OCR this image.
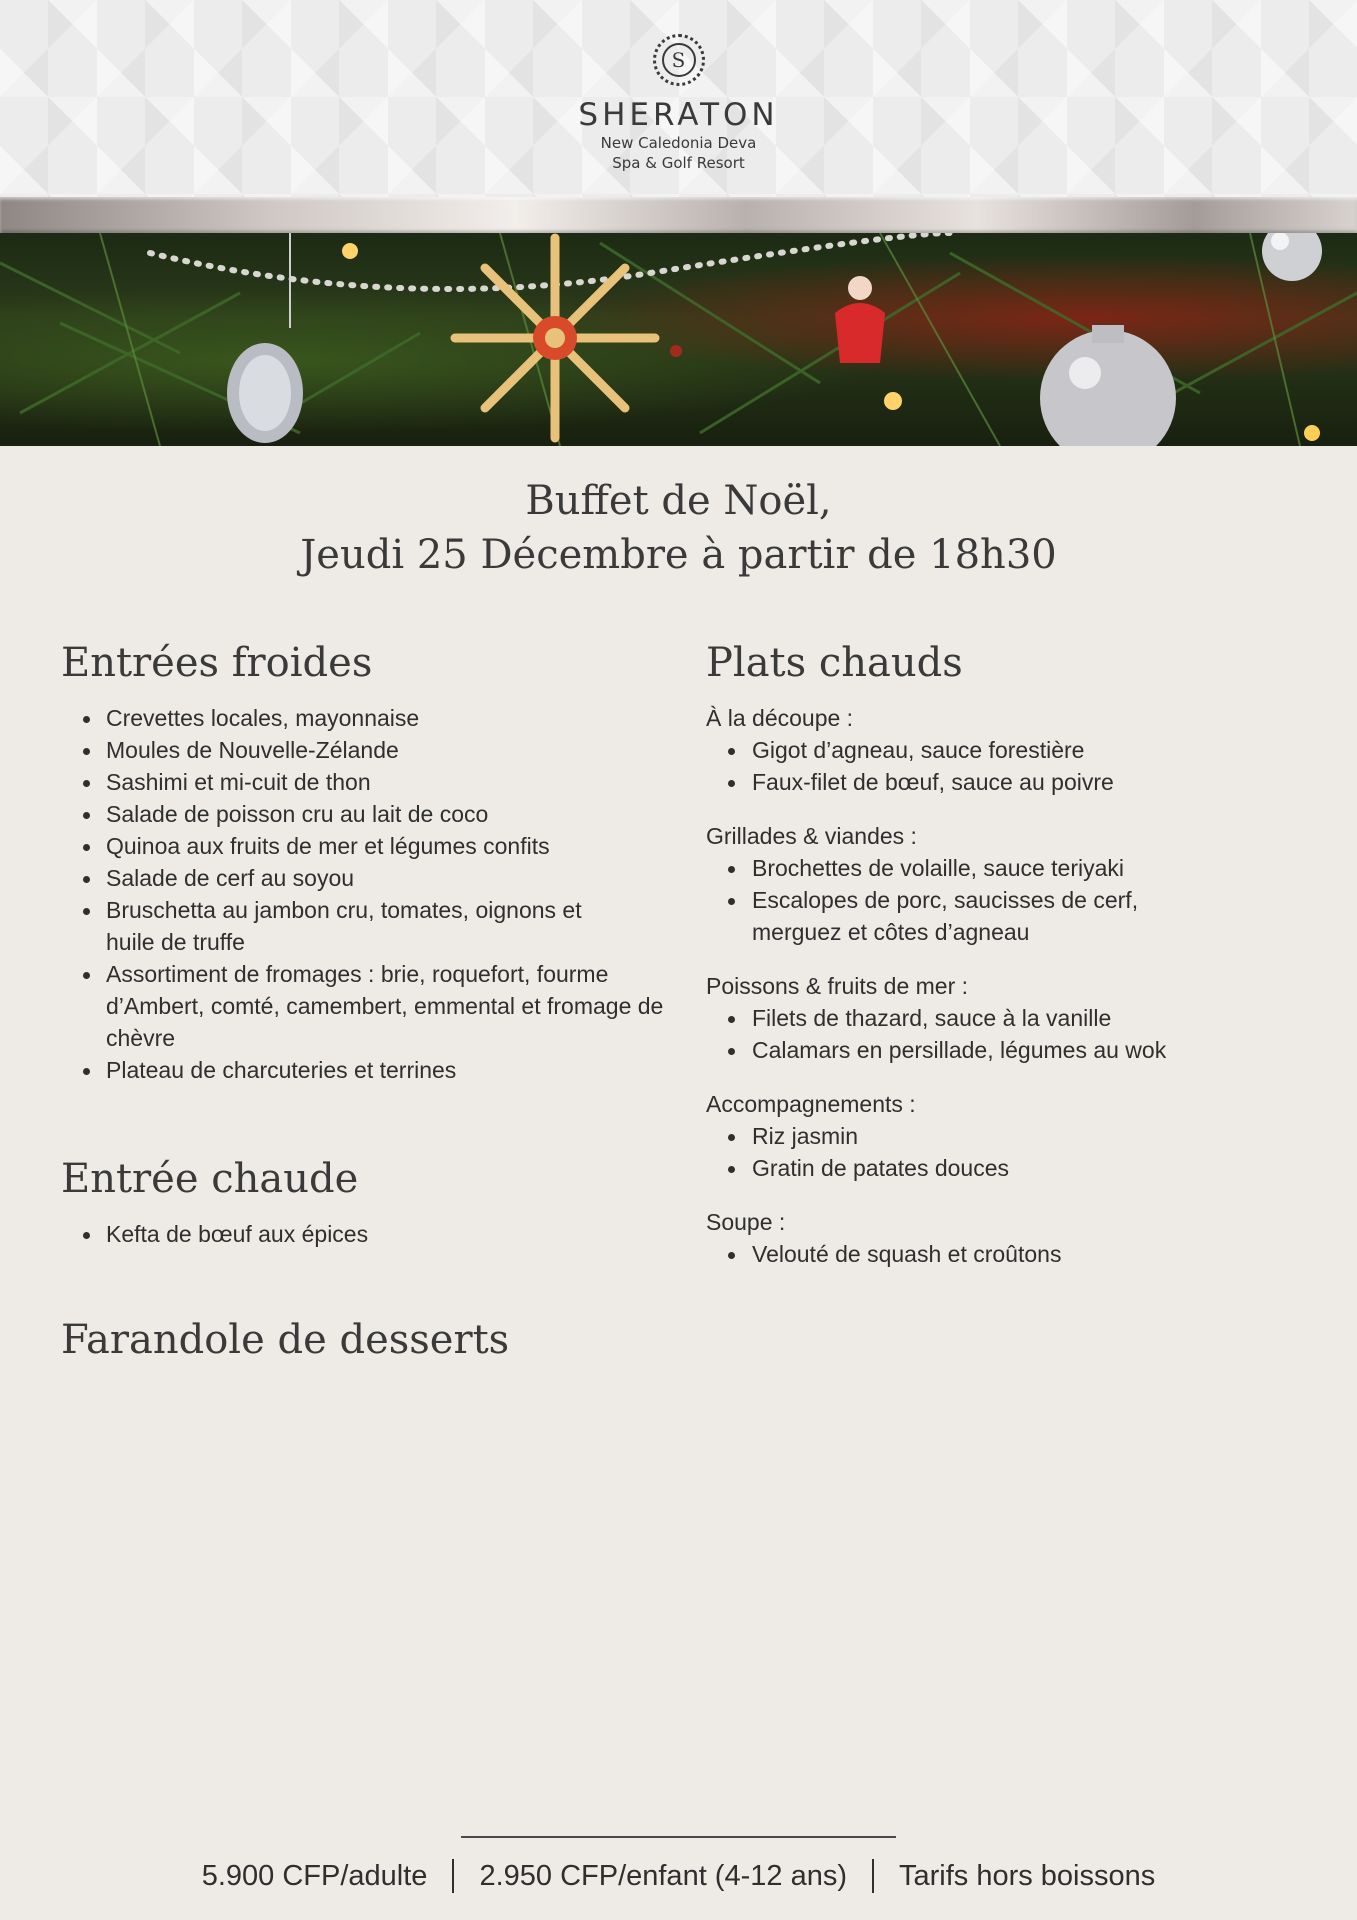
S
SHERATON
New Caledonia Deva
Spa & Golf Resort
Buffet de Noël,
Jeudi 25 Décembre à partir de 18h30
Entrées froides
Crevettes locales, mayonnaise
Moules de Nouvelle-Zélande
Sashimi et mi-cuit de thon
Salade de poisson cru au lait de coco
Quinoa aux fruits de mer et légumes confits
Salade de cerf au soyou
Bruschetta au jambon cru, tomates, oignons et huile de truffe
Assortiment de fromages : brie, roquefort, fourme d’Ambert, comté, camembert, emmental et fromage de chèvre
Plateau de charcuteries et terrines
Entrée chaude
Kefta de bœuf aux épices
Farandole de desserts
Plats chauds
À la découpe :
Gigot d’agneau, sauce forestière
Faux-filet de bœuf, sauce au poivre
Grillades & viandes :
Brochettes de volaille, sauce teriyaki
Escalopes de porc, saucisses de cerf, merguez et côtes d’agneau
Poissons & fruits de mer :
Filets de thazard, sauce à la vanille
Calamars en persillade, légumes au wok
Accompagnements :
Riz jasmin
Gratin de patates douces
Soupe :
Velouté de squash et croûtons
5.900 CFP/adulte 2.950 CFP/enfant (4-12 ans) Tarifs hors boissons
